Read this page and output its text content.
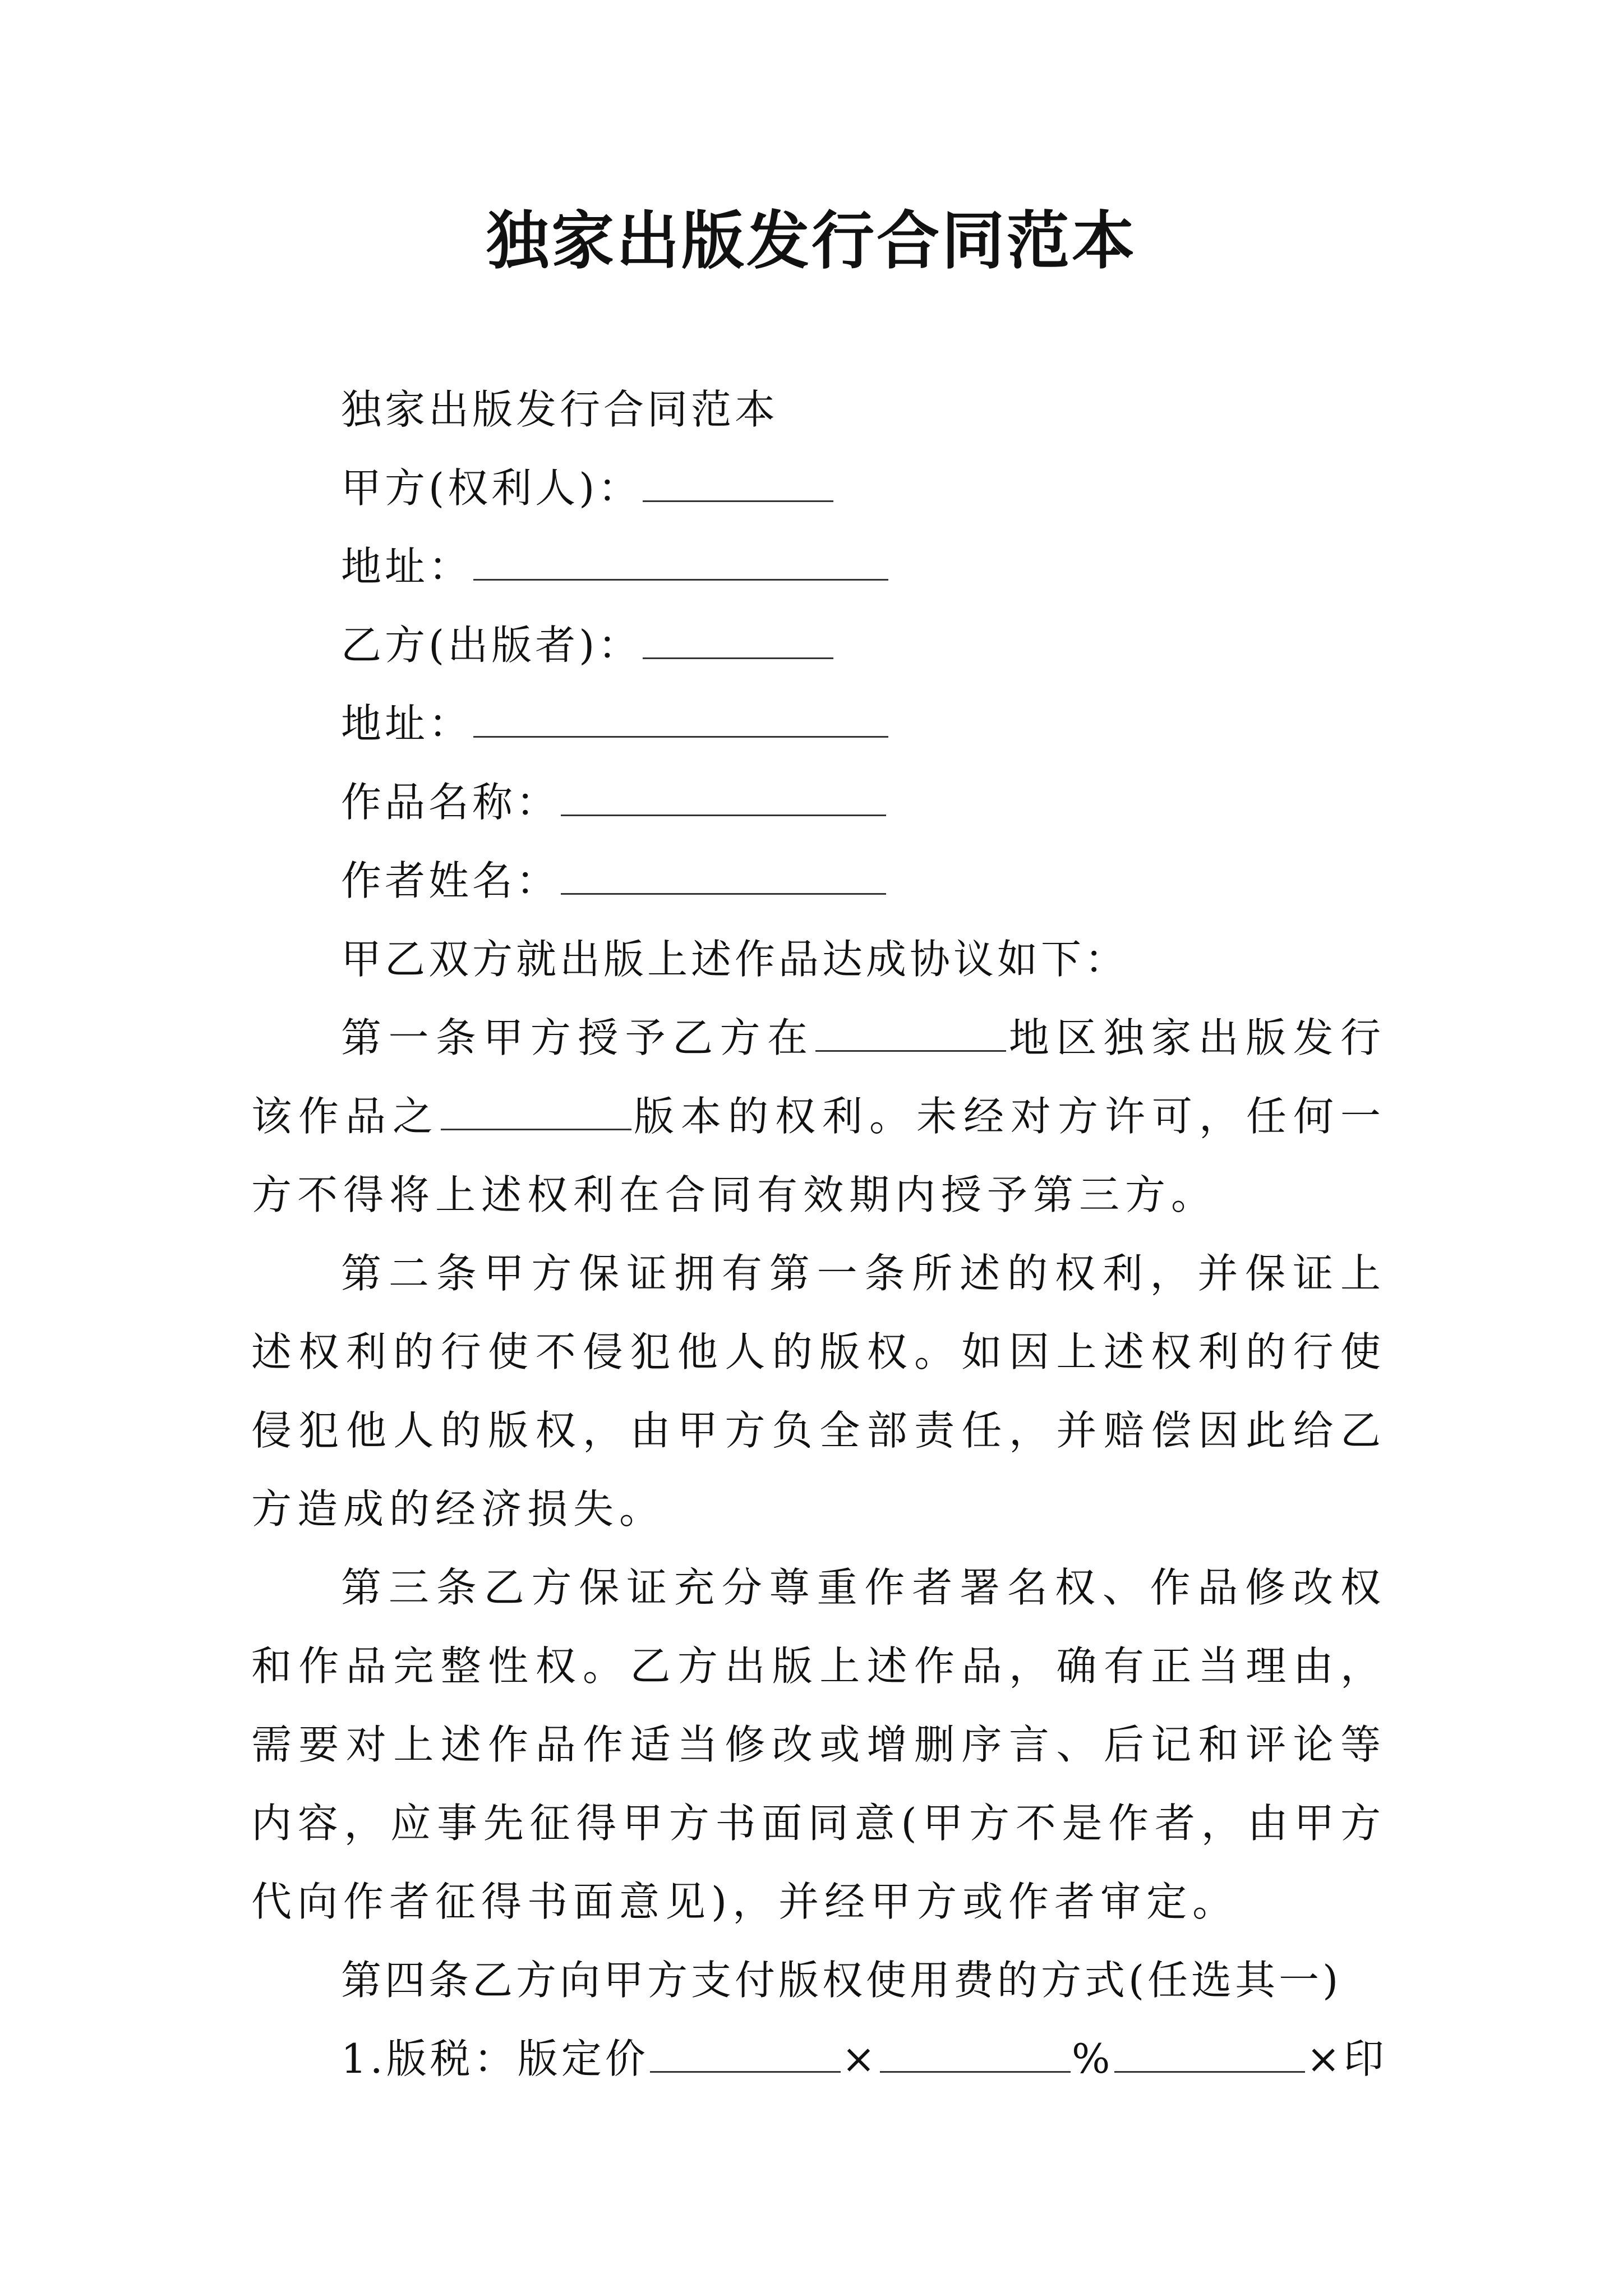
独家出版发行合同范本

独家出版发行合同范本

甲方(权利人)：

地址：

乙方(出版者)：

地址：

作品名称：

作者姓名：

甲乙双方就出版上述作品达成协议如下：

第一条甲方授予乙方在	地区独家出版发行该作品之	版本的权利。未经对方许可，任何一方不得将上述权利在合同有效期内授予第三方。

第二条甲方保证拥有第一条所述的权利，并保证上述权利的行使不侵犯他人的版权。如因上述权利的行使侵犯他人的版权，由甲方负全部责任，并赔偿因此给乙方造成的经济损失。

第三条乙方保证充分尊重作者署名权、作品修改权和作品完整性权。乙方出版上述作品，确有正当理由，需要对上述作品作适当修改或增删序言、后记和评论等内容，应事先征得甲方书面同意(甲方不是作者，由甲方代向作者征得书面意见)，并经甲方或作者审定。

第四条乙方向甲方支付版权使用费的方式(任选其一)

1.版税：版定价	×	%	×印
